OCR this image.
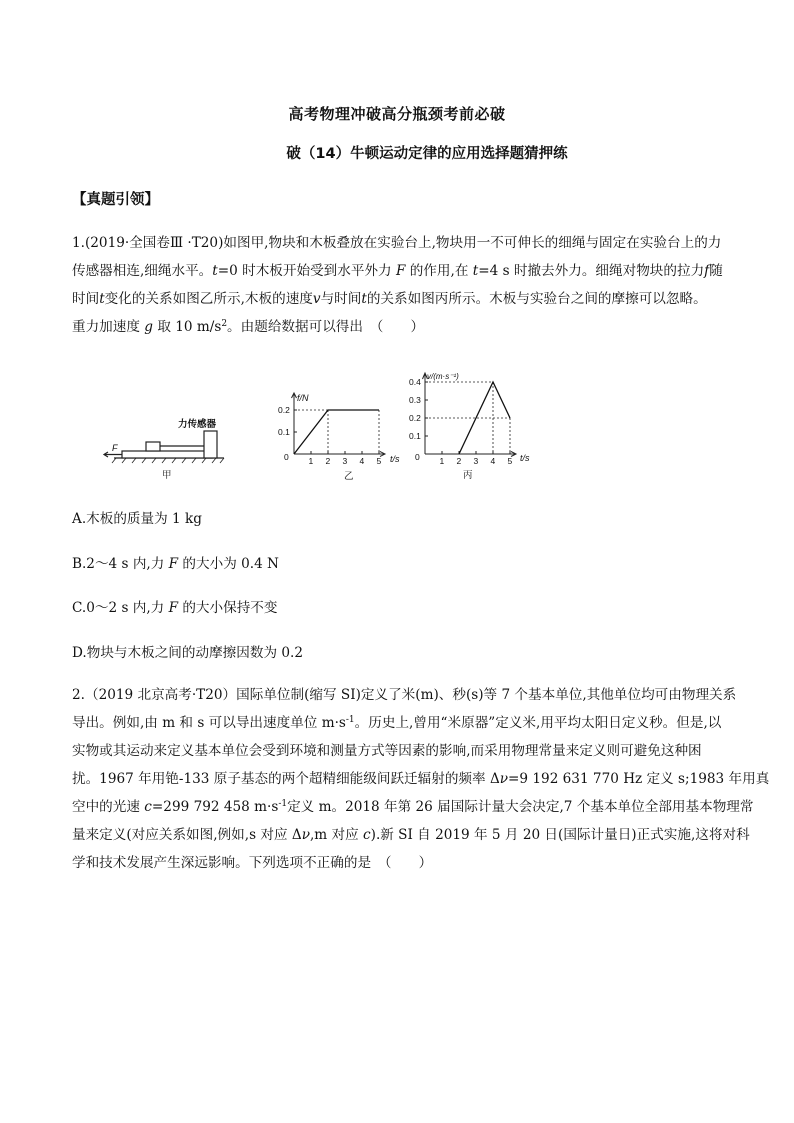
高考物理冲破高分瓶颈考前必破
破（14）牛顿运动定律的应用选择题猜押练
【真题引领】
1.(2019·全国卷Ⅲ ·T20)如图甲,物块和木板叠放在实验台上,物块用一不可伸长的细绳与固定在实验台上的力
传感器相连,细绳水平。t=0 时木板开始受到水平外力 F 的作用,在 t=4 s 时撤去外力。细绳对物块的拉力f随
时间t变化的关系如图乙所示,木板的速度v与时间t的关系如图丙所示。木板与实验台之间的摩擦可以忽略。
重力加速度 g 取 10 $m/s^2$。由题给数据可以得出　（　　）
力传感器
F
甲
1 2 3 4 5
0.2
0.1
f/N
t/s
0
乙
1 2 3 4 5
0.4
0.3
0.2
0.1
v/(m·s⁻¹)
t/s
0
丙
A.木板的质量为 1 kg
B.2～4 s 内,力 F 的大小为 0.4 N
C.0～2 s 内,力 F 的大小保持不变
D.物块与木板之间的动摩擦因数为 0.2
2.（2019 北京高考·T20）国际单位制(缩写 SI)定义了米(m)、秒(s)等 7 个基本单位,其他单位均可由物理关系
导出。例如,由 m 和 s 可以导出速度单位 $m\cdot s^{-1}$。历史上,曾用“米原器”定义米,用平均太阳日定义秒。但是,以
实物或其运动来定义基本单位会受到环境和测量方式等因素的影响,而采用物理常量来定义则可避免这种困
扰。1967 年用铯-133 原子基态的两个超精细能级间跃迁辐射的频率 Δν=9 192 631 770 Hz 定义 s;1983 年用真
空中的光速 c=299 792 458 $m\cdot s^{-1}$定义 m。2018 年第 26 届国际计量大会决定,7 个基本单位全部用基本物理常
量来定义(对应关系如图,例如,s 对应 Δν,m 对应 c).新 SI 自 2019 年 5 月 20 日(国际计量日)正式实施,这将对科
学和技术发展产生深远影响。下列选项不正确的是　（　　）
